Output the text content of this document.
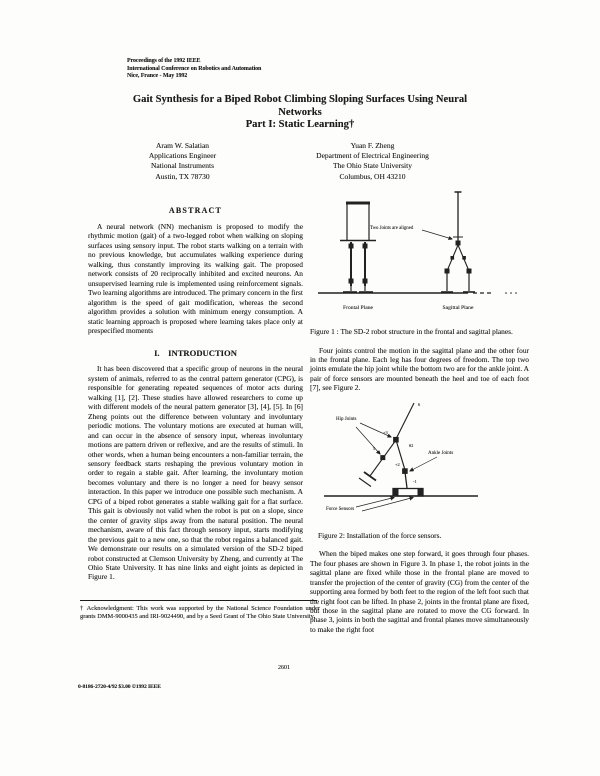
Proceedings of the 1992 IEEE
International Conference on Robotics and Automation
Nice, France - May 1992
Gait Synthesis for a Biped Robot Climbing Sloping Surfaces Using Neural
Networks
Part I: Static Learning†
Aram W. Salatian
Applications Engineer
National Instruments
Austin, TX 78730
Yuan F. Zheng
Department of Electrical Engineering
The Ohio State University
Columbus, OH 43210
ABSTRACT
A neural network (NN) mechanism is proposed to modify the rhythmic motion (gait) of a two-legged robot when walking on sloping surfaces using sensory input. The robot starts walking on a terrain with no previous knowledge, but accumulates walking experience during walking, thus constantly improving its walking gait. The proposed network consists of 20 reciprocally inhibited and excited neurons. An unsupervised learning rule is implemented using reinforcement signals. Two learning algorithms are introduced. The primary concern in the first algorithm is the speed of gait modification, whereas the second algorithm provides a solution with minimum energy consumption. A static learning approach is proposed where learning takes place only at prespecified moments
I.    INTRODUCTION
It has been discovered that a specific group of neurons in the neural system of animals, referred to as the central pattern generator (CPG), is responsible for generating repeated sequences of motor acts during walking [1], [2]. These studies have allowed researchers to come up with different models of the neural pattern generator [3], [4], [5]. In [6] Zheng points out the difference between voluntary and involuntary periodic motions. The voluntary motions are executed at human will, and can occur in the absence of sensory input, whereas involuntary motions are pattern driven or reflexive, and are the results of stimuli. In other words, when a human being encounters a non-familiar terrain, the sensory feedback starts reshaping the previous voluntary motion in order to regain a stable gait. After learning, the involuntary motion becomes voluntary and there is no longer a need for heavy sensor interaction. In this paper we introduce one possible such mechanism. A CPG of a biped robot generates a stable walking gait for a flat surface. This gait is obviously not valid when the robot is put on a slope, since the center of gravity slips away from the natural position. The neural mechanism, aware of this fact through sensory input, starts modifying the previous gait to a new one, so that the robot regains a balanced gait. We demonstrate our results on a simulated version of the SD-2 biped robot constructed at Clemson University by Zheng, and currently at The Ohio State University. It has nine links and eight joints as depicted in Figure 1.
† Acknowledgment: This work was supported by the National Science Foundation under grants DMM-9000435 and IRI-9024490, and by a Seed Grant of The Ohio State University.
2601
0-8186-2720-4/92 $3.00 ©1992 IEEE
Two Joints are aligned
Frontal Plane	Sagittal Plane
Figure 1 : The SD-2 robot structure in the frontal and sagittal planes.
Four joints control the motion in the sagittal plane and the other four in the frontal plane. Each leg has four degrees of freedom. The top two joints emulate the hip joint while the bottom two are for the ankle joint. A pair of force sensors are mounted beneath the heel and toe of each foot [7], see Figure 2.
Hip Joints
Ankle Joints
Force Sensors
6
+3
θ2
5
+2
-1
Figure 2: Installation of the force sensors.
When the biped makes one step forward, it goes through four phases. The four phases are shown in Figure 3. In phase 1, the robot joints in the sagittal plane are fixed while those in the frontal plane are moved to transfer the projection of the center of gravity (CG) from the center of the supporting area formed by both feet to the region of the left foot such that the right foot can be lifted. In phase 2, joints in the frontal plane are fixed, but those in the sagittal plane are rotated to move the CG forward. In phase 3, joints in both the sagittal and frontal planes move simultaneously to make the right foot
